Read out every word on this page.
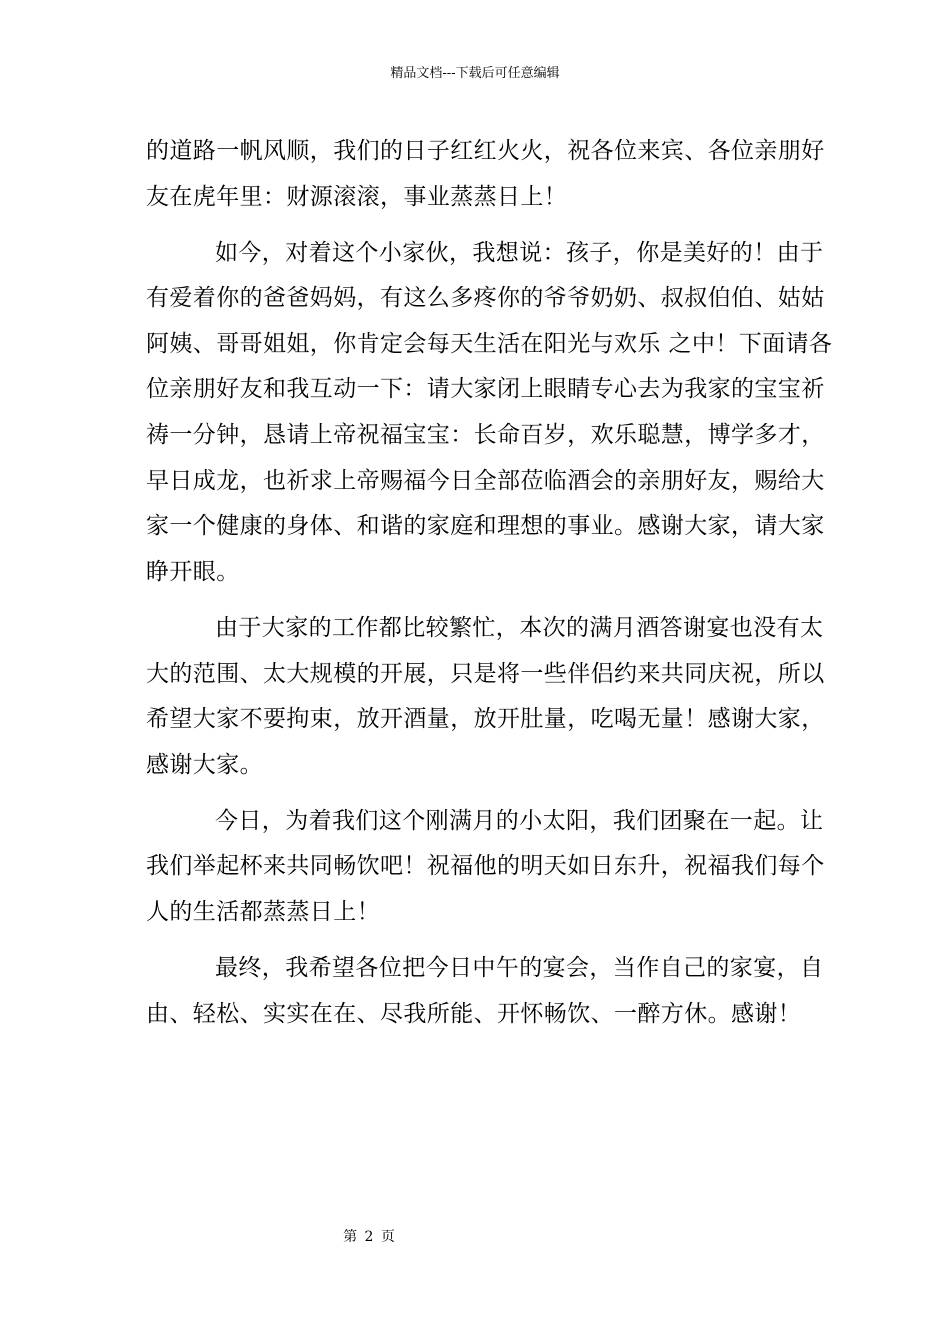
精品文档---下载后可任意编辑
的道路一帆风顺，我们的日子红红火火，祝各位来宾、各位亲朋好
友在虎年里：财源滚滚，事业蒸蒸日上！
如今，对着这个小家伙，我想说：孩子，你是美好的！由于
有爱着你的爸爸妈妈，有这么多疼你的爷爷奶奶、叔叔伯伯、姑姑
阿姨、哥哥姐姐，你肯定会每天生活在阳光与欢乐 之中！下面请各
位亲朋好友和我互动一下：请大家闭上眼睛专心去为我家的宝宝祈
祷一分钟，恳请上帝祝福宝宝：长命百岁，欢乐聪慧，博学多才，
早日成龙，也祈求上帝赐福今日全部莅临酒会的亲朋好友，赐给大
家一个健康的身体、和谐的家庭和理想的事业。感谢大家，请大家
睁开眼。
由于大家的工作都比较繁忙，本次的满月酒答谢宴也没有太
大的范围、太大规模的开展，只是将一些伴侣约来共同庆祝，所以
希望大家不要拘束，放开酒量，放开肚量，吃喝无量！感谢大家，
感谢大家。
今日，为着我们这个刚满月的小太阳，我们团聚在一起。让
我们举起杯来共同畅饮吧！祝福他的明天如日东升，祝福我们每个
人的生活都蒸蒸日上！
最终，我希望各位把今日中午的宴会，当作自己的家宴，自
由、轻松、实实在在、尽我所能、开怀畅饮、一醉方休。感谢！
第 2 页
